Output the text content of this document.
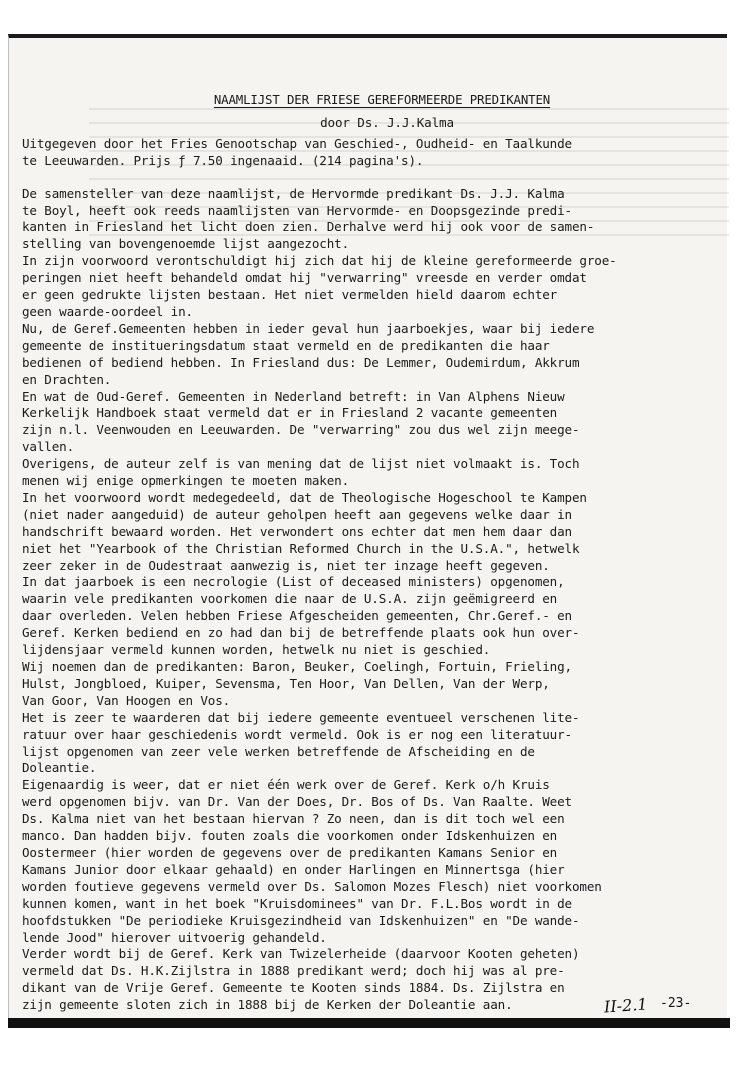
NAAMLIJST DER FRIESE GEREFORMEERDE PREDIKANTEN

door Ds. J.J.Kalma

Uitgegeven door het Fries Genootschap van Geschied-, Oudheid- en Taalkunde
te Leeuwarden. Prijs ƒ 7.50 ingenaaid. (214 pagina's).
De samensteller van deze naamlijst, de Hervormde predikant Ds. J.J. Kalma
te Boyl, heeft ook reeds naamlijsten van Hervormde- en Doopsgezinde predi-
kanten in Friesland het licht doen zien. Derhalve werd hij ook voor de samen-
stelling van bovengenoemde lijst aangezocht.
In zijn voorwoord verontschuldigt hij zich dat hij de kleine gereformeerde groe-
peringen niet heeft behandeld omdat hij "verwarring" vreesde en verder omdat
er geen gedrukte lijsten bestaan. Het niet vermelden hield daarom echter
geen waarde-oordeel in.
Nu, de Geref.Gemeenten hebben in ieder geval hun jaarboekjes, waar bij iedere
gemeente de institueringsdatum staat vermeld en de predikanten die haar
bedienen of bediend hebben. In Friesland dus: De Lemmer, Oudemirdum, Akkrum
en Drachten.
En wat de Oud-Geref. Gemeenten in Nederland betreft: in Van Alphens Nieuw
Kerkelijk Handboek staat vermeld dat er in Friesland 2 vacante gemeenten
zijn n.l. Veenwouden en Leeuwarden. De "verwarring" zou dus wel zijn meege-
vallen.
Overigens, de auteur zelf is van mening dat de lijst niet volmaakt is. Toch
menen wij enige opmerkingen te moeten maken.
In het voorwoord wordt medegedeeld, dat de Theologische Hogeschool te Kampen
(niet nader aangeduid) de auteur geholpen heeft aan gegevens welke daar in
handschrift bewaard worden. Het verwondert ons echter dat men hem daar dan
niet het "Yearbook of the Christian Reformed Church in the U.S.A.", hetwelk
zeer zeker in de Oudestraat aanwezig is, niet ter inzage heeft gegeven.
In dat jaarboek is een necrologie (List of deceased ministers) opgenomen,
waarin vele predikanten voorkomen die naar de U.S.A. zijn geëmigreerd en
daar overleden. Velen hebben Friese Afgescheiden gemeenten, Chr.Geref.- en
Geref. Kerken bediend en zo had dan bij de betreffende plaats ook hun over-
lijdensjaar vermeld kunnen worden, hetwelk nu niet is geschied.
Wij noemen dan de predikanten: Baron, Beuker, Coelingh, Fortuin, Frieling,
Hulst, Jongbloed, Kuiper, Sevensma, Ten Hoor, Van Dellen, Van der Werp,
Van Goor, Van Hoogen en Vos.
Het is zeer te waarderen dat bij iedere gemeente eventueel verschenen lite-
ratuur over haar geschiedenis wordt vermeld. Ook is er nog een literatuur-
lijst opgenomen van zeer vele werken betreffende de Afscheiding en de
Doleantie.
Eigenaardig is weer, dat er niet één werk over de Geref. Kerk o/h Kruis
werd opgenomen bijv. van Dr. Van der Does, Dr. Bos of Ds. Van Raalte. Weet
Ds. Kalma niet van het bestaan hiervan ? Zo neen, dan is dit toch wel een
manco. Dan hadden bijv. fouten zoals die voorkomen onder Idskenhuizen en
Oostermeer (hier worden de gegevens over de predikanten Kamans Senior en
Kamans Junior door elkaar gehaald) en onder Harlingen en Minnertsga (hier
worden foutieve gegevens vermeld over Ds. Salomon Mozes Flesch) niet voorkomen
kunnen komen, want in het boek "Kruisdominees" van Dr. F.L.Bos wordt in de
hoofdstukken "De periodieke Kruisgezindheid van Idskenhuizen" en "De wande-
lende Jood" hierover uitvoerig gehandeld.
Verder wordt bij de Geref. Kerk van Twizelerheide (daarvoor Kooten geheten)
vermeld dat Ds. H.K.Zijlstra in 1888 predikant werd; doch hij was al pre-
dikant van de Vrije Geref. Gemeente te Kooten sinds 1884. Ds. Zijlstra en
zijn gemeente sloten zich in 1888 bij de Kerken der Doleantie aan.	II-2.1 -23-
